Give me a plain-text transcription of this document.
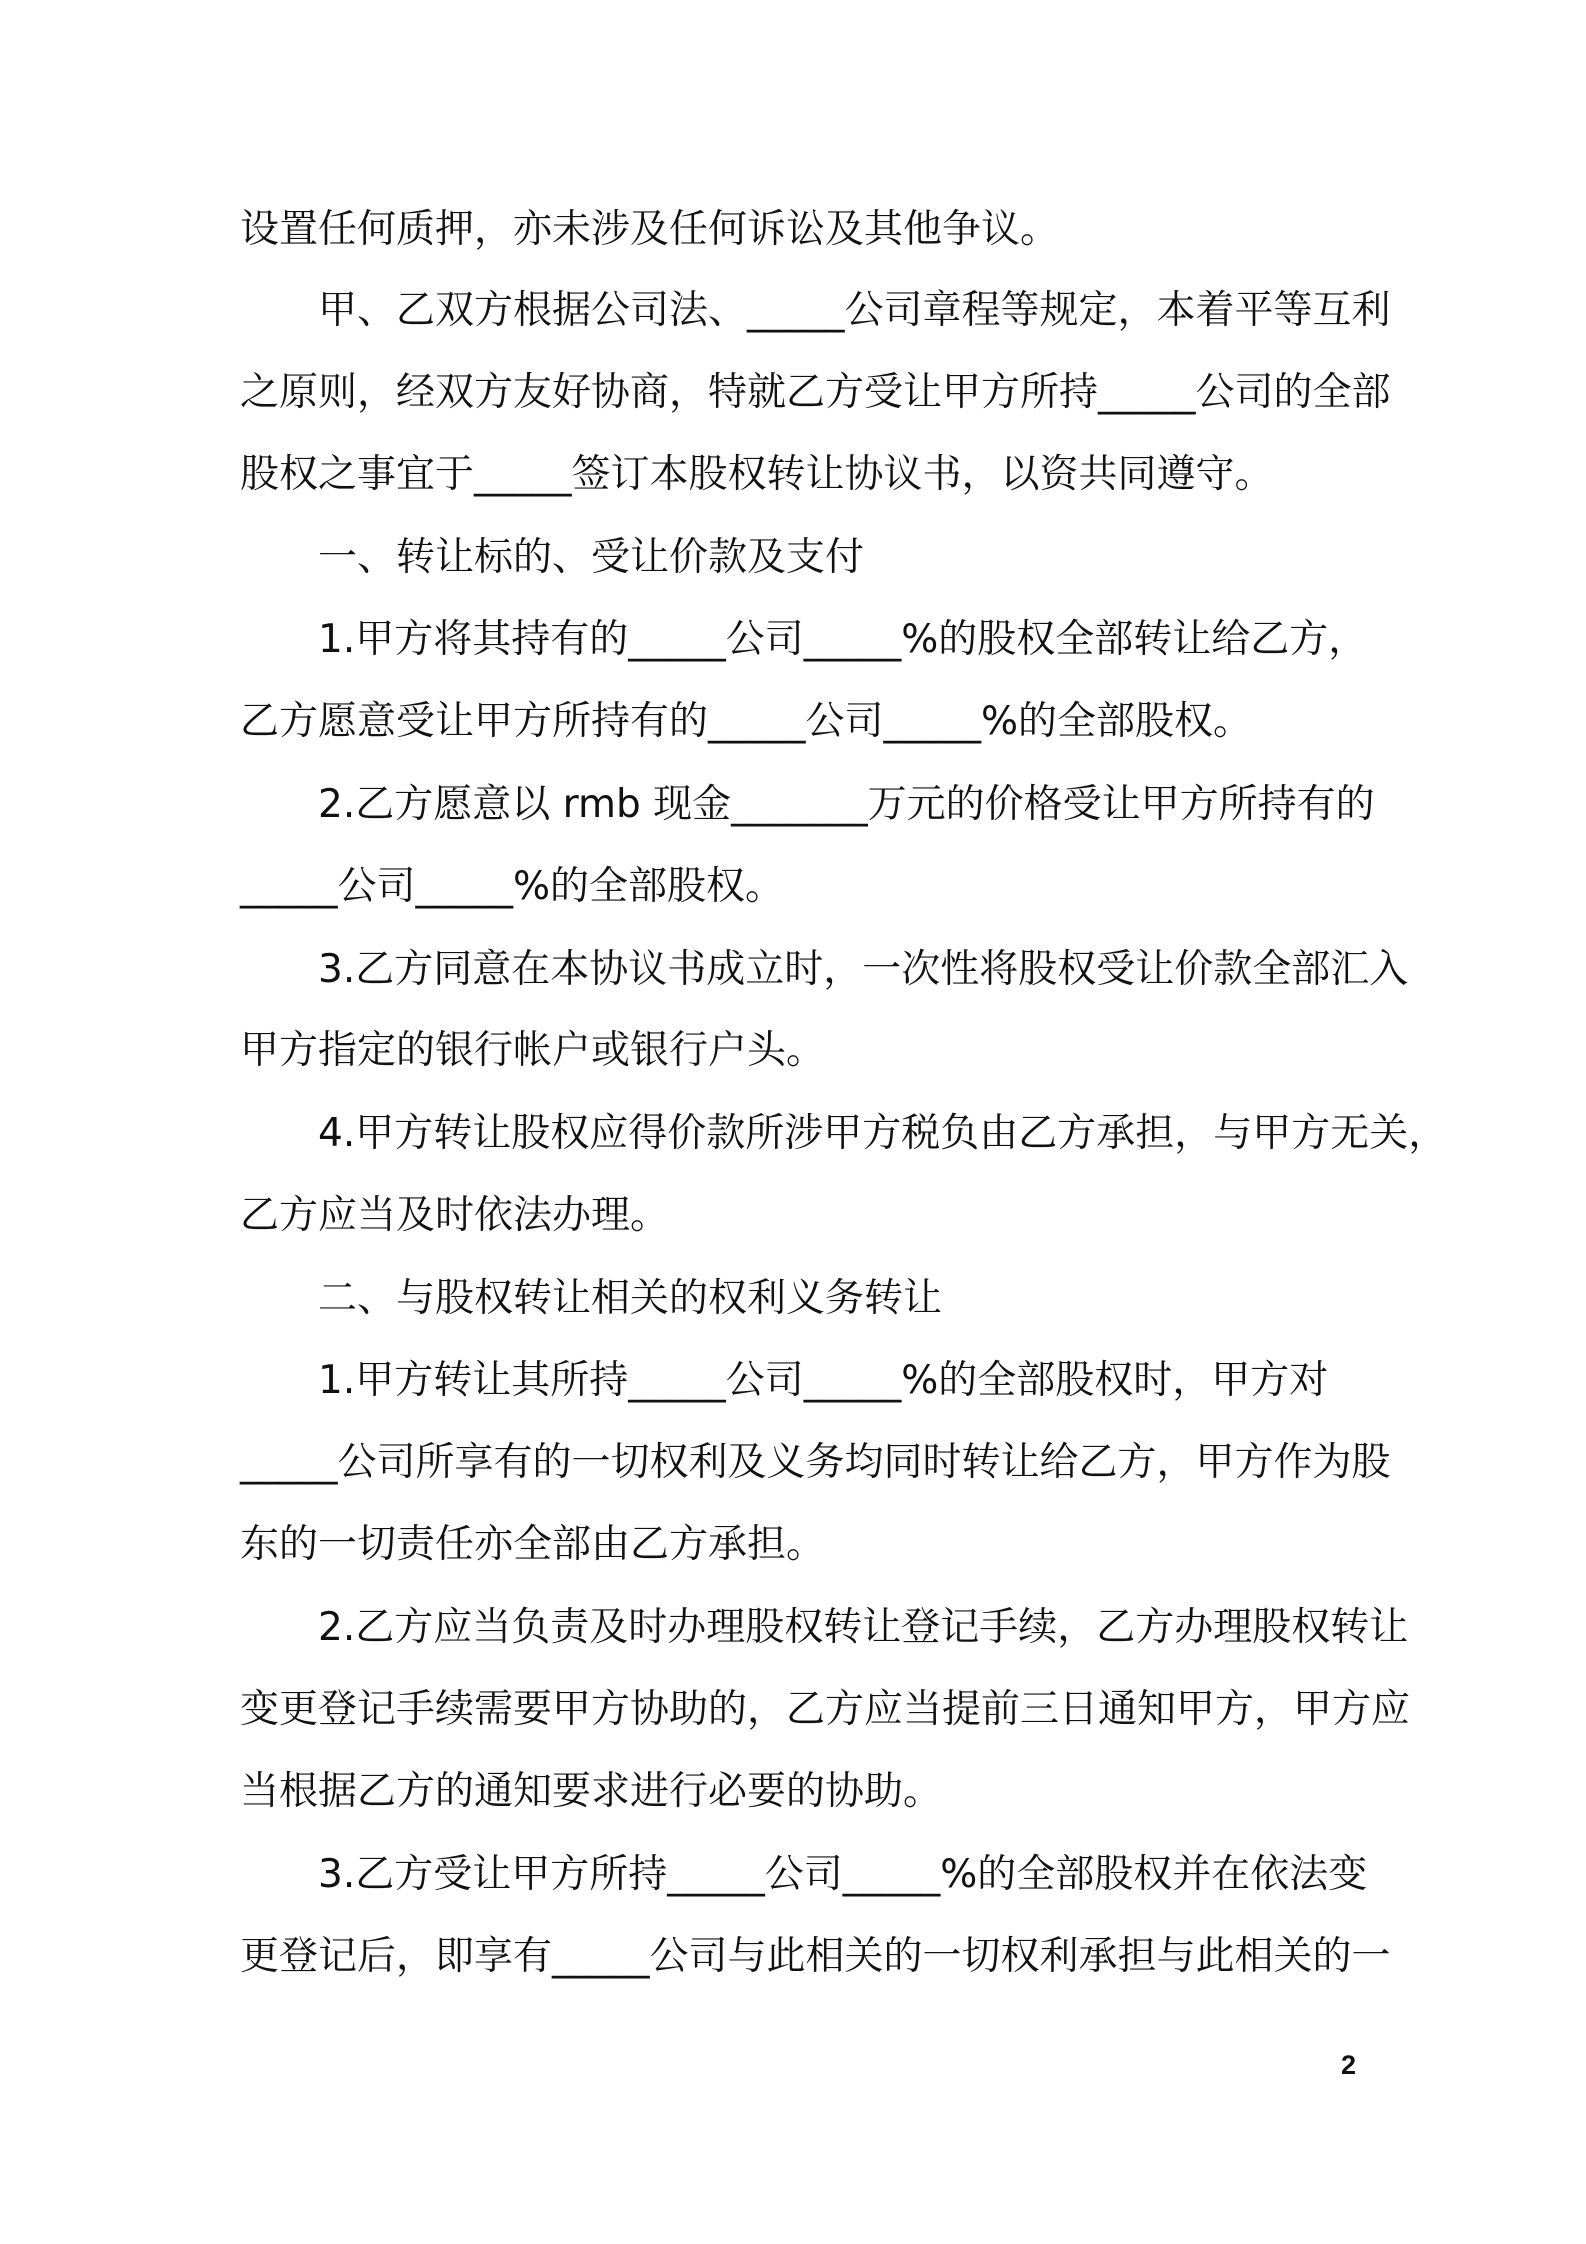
设置任何质押，亦未涉及任何诉讼及其他争议。
甲、乙双方根据公司法、_____公司章程等规定，本着平等互利
之原则，经双方友好协商，特就乙方受让甲方所持_____公司的全部
股权之事宜于_____签订本股权转让协议书，以资共同遵守。
一、转让标的、受让价款及支付
1.甲方将其持有的_____公司_____%的股权全部转让给乙方，
乙方愿意受让甲方所持有的_____公司_____%的全部股权。
2.乙方愿意以 rmb 现金_______万元的价格受让甲方所持有的
_____公司_____%的全部股权。
3.乙方同意在本协议书成立时，一次性将股权受让价款全部汇入
甲方指定的银行帐户或银行户头。
4.甲方转让股权应得价款所涉甲方税负由乙方承担，与甲方无关，
乙方应当及时依法办理。
二、与股权转让相关的权利义务转让
1.甲方转让其所持_____公司_____%的全部股权时，甲方对
_____公司所享有的一切权利及义务均同时转让给乙方，甲方作为股
东的一切责任亦全部由乙方承担。
2.乙方应当负责及时办理股权转让登记手续，乙方办理股权转让
变更登记手续需要甲方协助的，乙方应当提前三日通知甲方，甲方应
当根据乙方的通知要求进行必要的协助。
3.乙方受让甲方所持_____公司_____%的全部股权并在依法变
更登记后，即享有_____公司与此相关的一切权利承担与此相关的一
2
